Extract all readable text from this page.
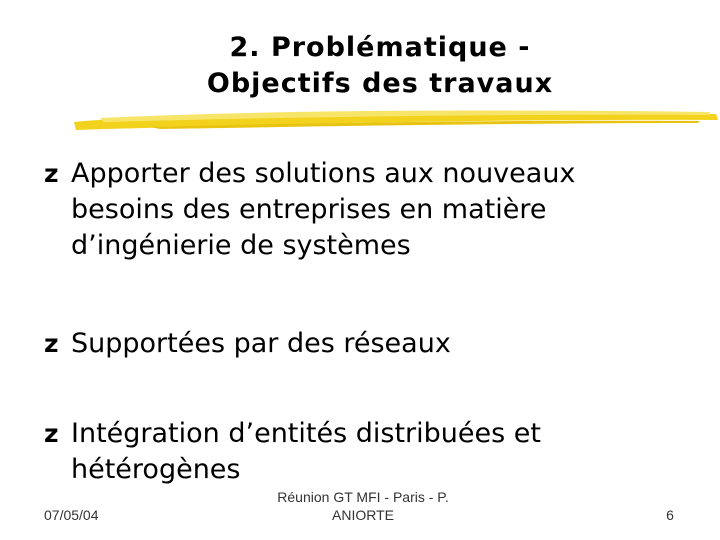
2. Problématique -
Objectifs des travaux
z Apporter des solutions aux nouveaux
besoins des entreprises en matière
d’ingénierie de systèmes
z Supportées par des réseaux
z Intégration d’entités distribuées et
hétérogènes
07/05/04
Réunion GT MFI - Paris - P.
ANIORTE	6
